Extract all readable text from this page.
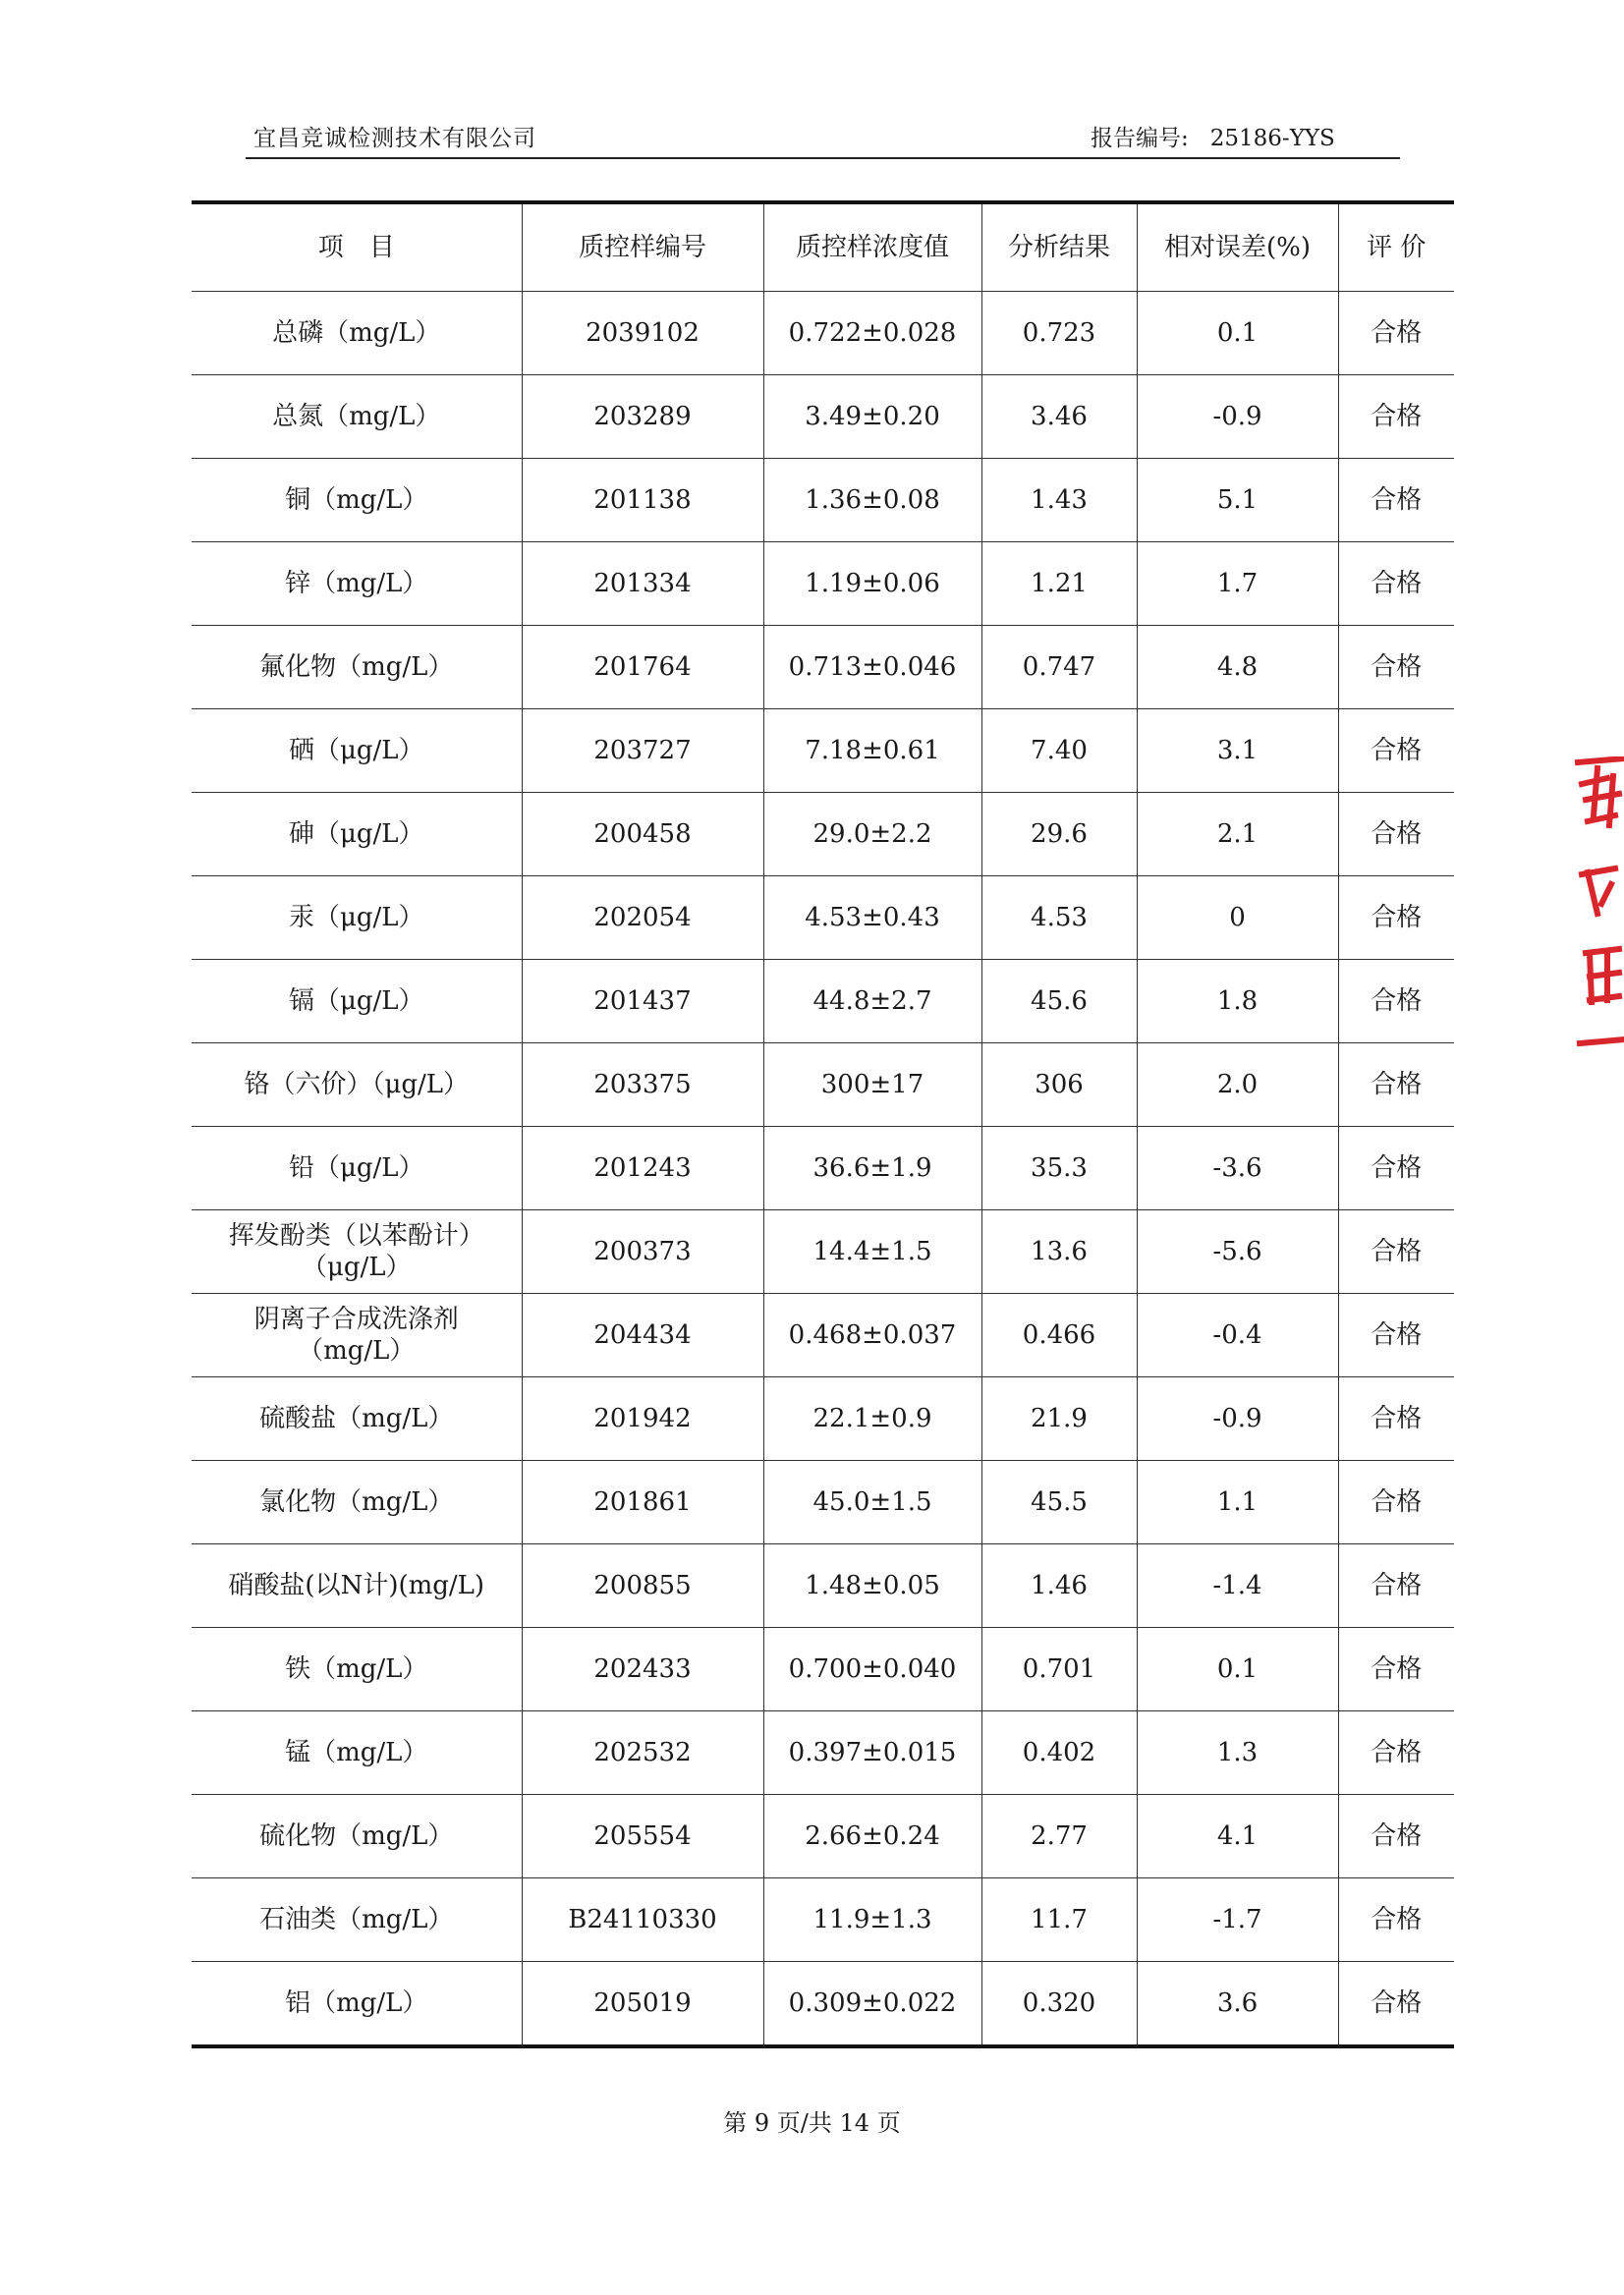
宜昌竞诚检测技术有限公司	报告编号: 25186-YYS
项　目	质控样编号	质控样浓度值	分析结果	相对误差(%)	评 价
总磷（mg/L）	2039102	0.722±0.028	0.723	0.1	合格
总氮（mg/L）	203289	3.49±0.20	3.46	-0.9	合格
铜（mg/L）	201138	1.36±0.08	1.43	5.1	合格
锌（mg/L）	201334	1.19±0.06	1.21	1.7	合格
氟化物（mg/L）	201764	0.713±0.046	0.747	4.8	合格
硒（μg/L）	203727	7.18±0.61	7.40	3.1	合格
砷（μg/L）	200458	29.0±2.2	29.6	2.1	合格
汞（μg/L）	202054	4.53±0.43	4.53	0	合格
镉（μg/L）	201437	44.8±2.7	45.6	1.8	合格
铬（六价）（μg/L）	203375	300±17	306	2.0	合格
铅（μg/L）	201243	36.6±1.9	35.3	-3.6	合格
挥发酚类（以苯酚计）
（μg/L）	200373	14.4±1.5	13.6	-5.6	合格
阴离子合成洗涤剂
（mg/L）	204434	0.468±0.037	0.466	-0.4	合格
硫酸盐（mg/L）	201942	22.1±0.9	21.9	-0.9	合格
氯化物（mg/L）	201861	45.0±1.5	45.5	1.1	合格
硝酸盐(以N计)(mg/L)	200855	1.48±0.05	1.46	-1.4	合格
铁（mg/L）	202433	0.700±0.040	0.701	0.1	合格
锰（mg/L）	202532	0.397±0.015	0.402	1.3	合格
硫化物（mg/L）	205554	2.66±0.24	2.77	4.1	合格
石油类（mg/L）	B24110330	11.9±1.3	11.7	-1.7	合格
铝（mg/L）	205019	0.309±0.022	0.320	3.6	合格
第 9 页/共 14 页
